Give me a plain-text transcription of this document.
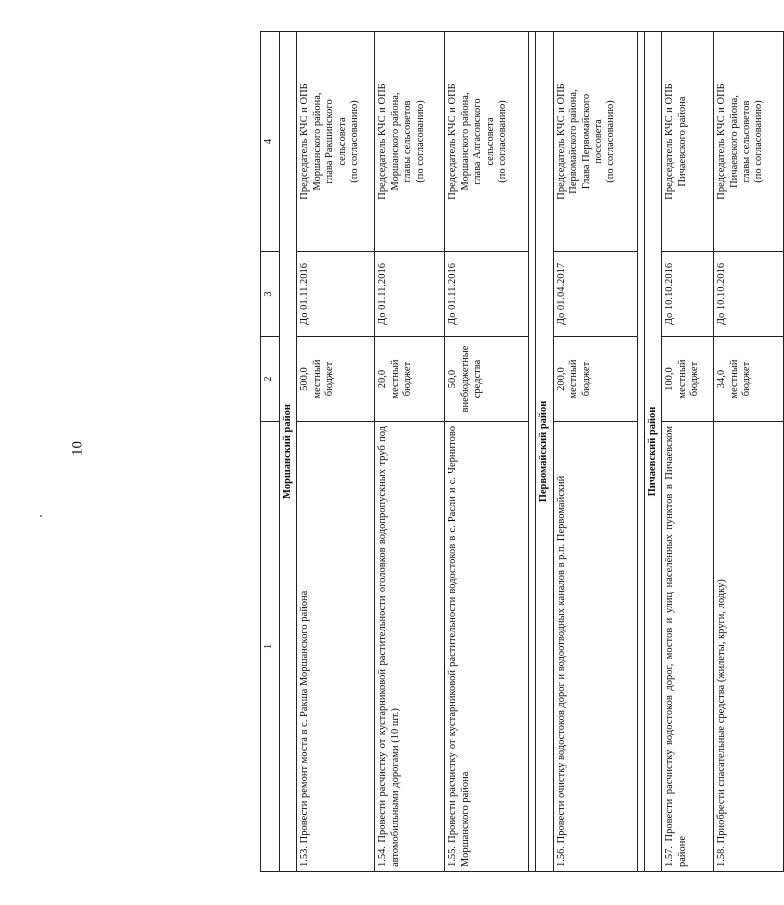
10
1	2	3	4
Моршанский район			
1.53. Провести ремонт моста в с. Ракша Моршанского района	500,0 местный бюджет	До 01.11.2016	Председатель КЧС и ОПБ Моршанского района, глава Ракшинского сельсовета (по согласованию)

1.54. Провести расчистку от кустарниковой растительности оголовков водопропускных труб под автомобильными дорогами (10 шт.)	20,0 местный бюджет	До 01.11.2016	Председатель КЧС и ОПБ Моршанского района, главы сельсоветов (по согласованию)

1.55. Провести расчистку от кустарниковой растительности водостоков в с. Расли и с. Чернитово Моршанского района	50,0 внебюджетные средства	До 01.11.2016	Председатель КЧС и ОПБ Моршанского района, глава Алгасовского сельсовета (по согласованию)

Первомайский район			
1.56. Провести очистку водостоков дорог и водоотводных каналов в р.п. Первомайский	200,0 местный бюджет	До 01.04.2017	Председатель КЧС и ОПБ Первомайского района, Глава Первомайского поссовета (по согласованию)

Пичаевский район			
1.57. Провести расчистку водостоков дорог, мостов и улиц населённых пунктов в Пичаевском районе	100,0 местный бюджет	До 10.10.2016	Председатель КЧС и ОПБ Пичаевского района

1.58. Приобрести спасательные средства (жилеты, круги, лодку)	34,0 местный бюджет	До 10.10.2016	Председатель КЧС и ОПБ Пичаевского района, главы сельсоветов (по согласованию)
